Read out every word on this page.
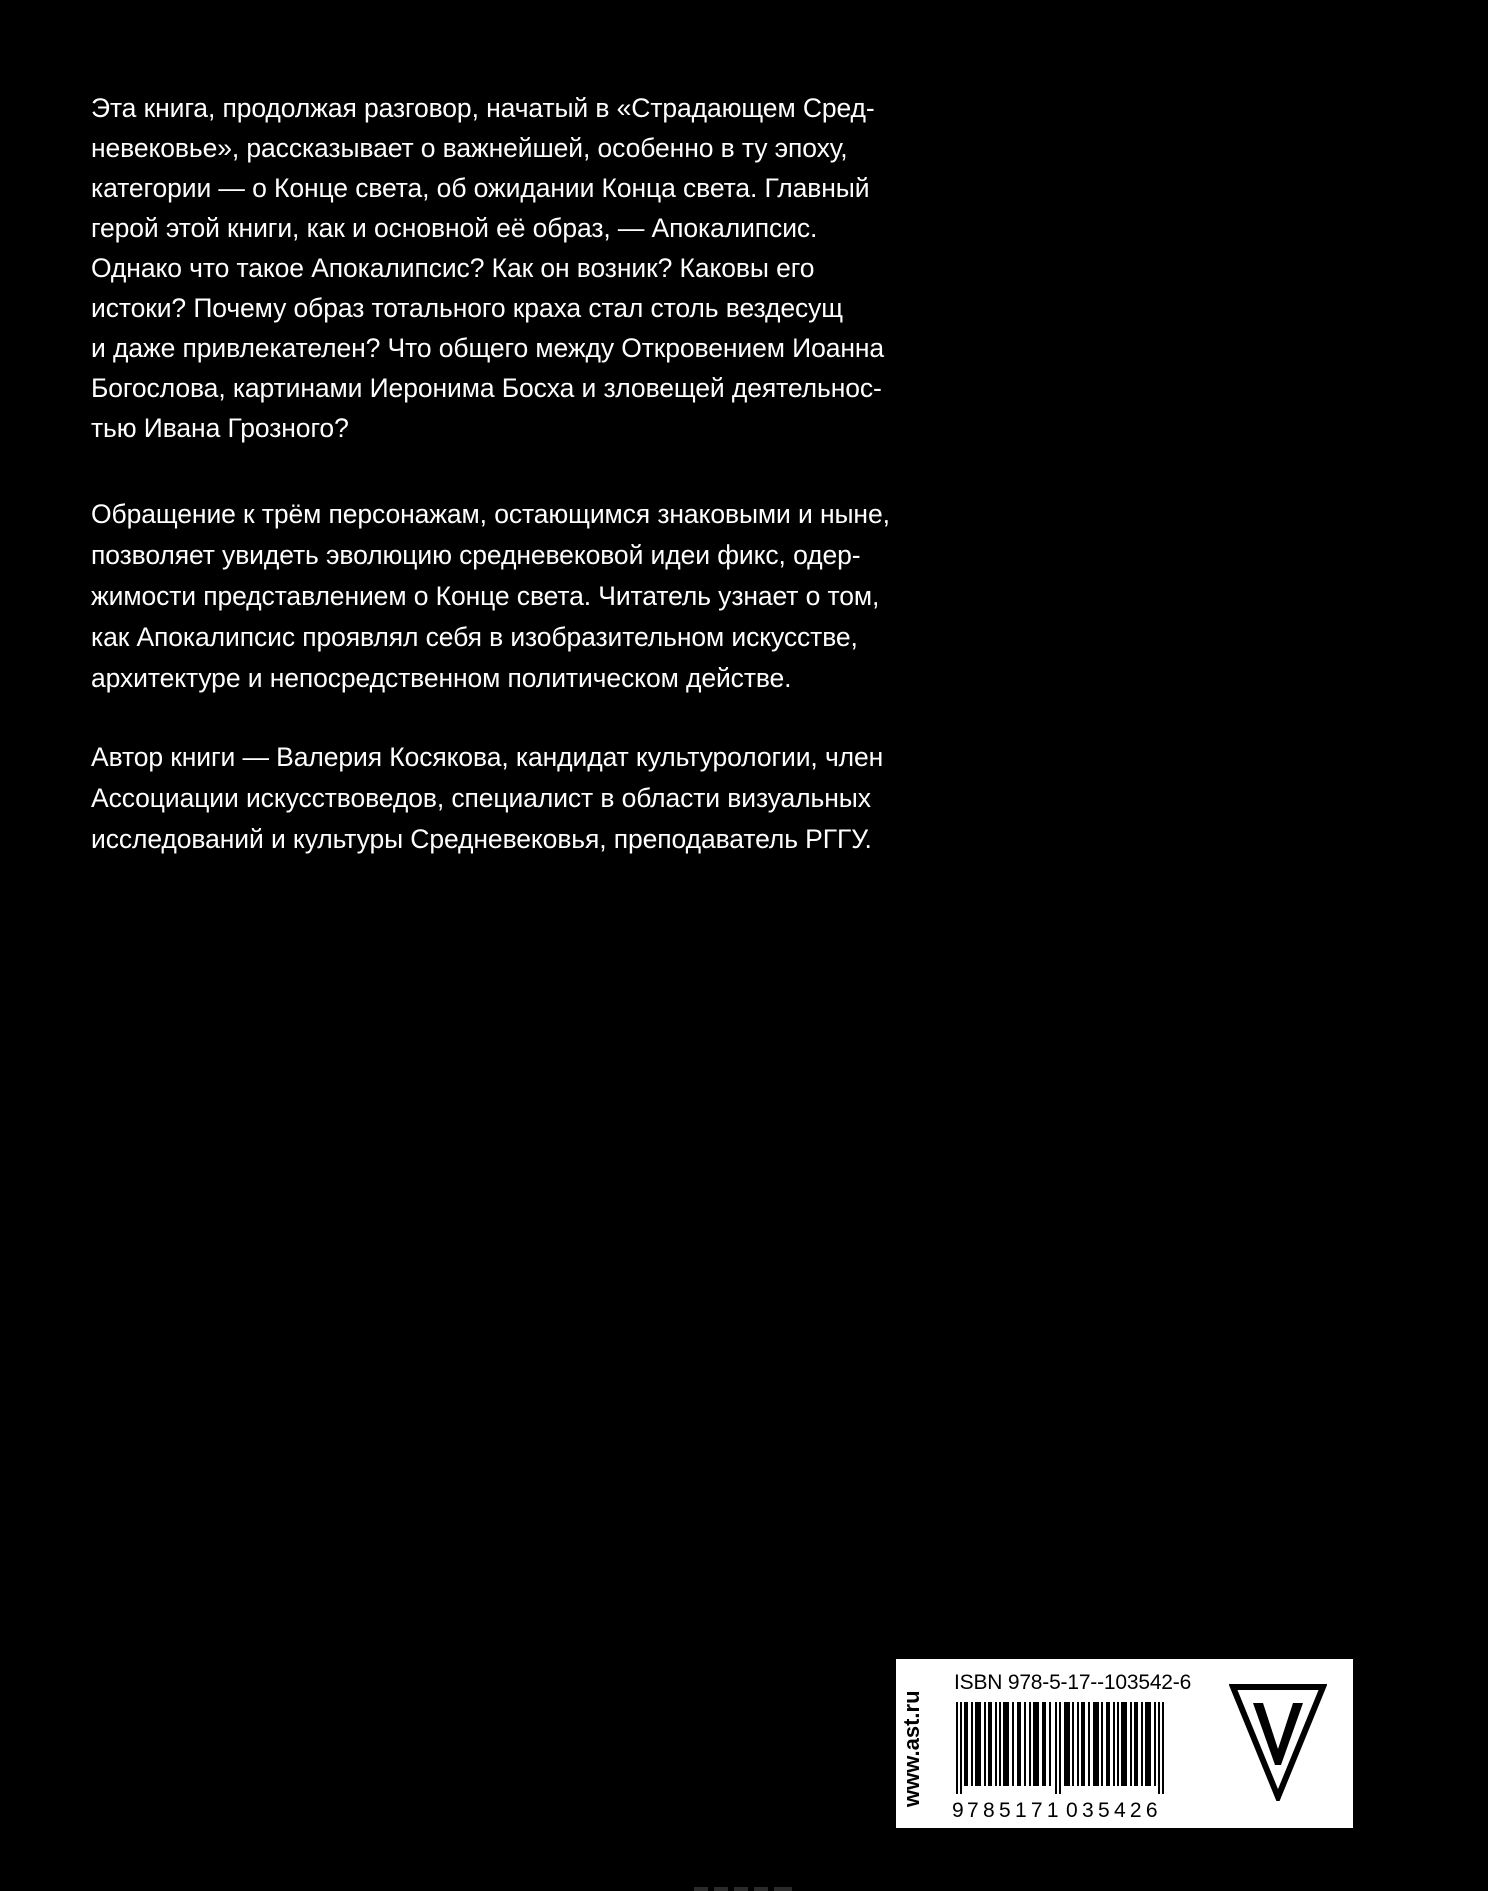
Эта книга, продолжая разговор, начатый в «Страдающем Сред-
невековье», рассказывает о важнейшей, особенно в ту эпоху,
категории — о Конце света, об ожидании Конца света. Главный
герой этой книги, как и основной её образ, — Апокалипсис.
Однако что такое Апокалипсис? Как он возник? Каковы его
истоки? Почему образ тотального краха стал столь вездесущ
и даже привлекателен? Что общего между Откровением Иоанна
Богослова, картинами Иеронима Босха и зловещей деятельнос-
тью Ивана Грозного?
Обращение к трём персонажам, остающимся знаковыми и ныне,
позволяет увидеть эволюцию средневековой идеи фикс, одер-
жимости представлением о Конце света. Читатель узнает о том,
как Апокалипсис проявлял себя в изобразительном искусстве,
архитектуре и непосредственном политическом действе.
Автор книги — Валерия Косякова, кандидат культурологии, член
Ассоциации искусствоведов, специалист в области визуальных
исследований и культуры Средневековья, преподаватель РГГУ.
www.ast.ru
ISBN 978-5-17--103542-6
9 785171 035426
